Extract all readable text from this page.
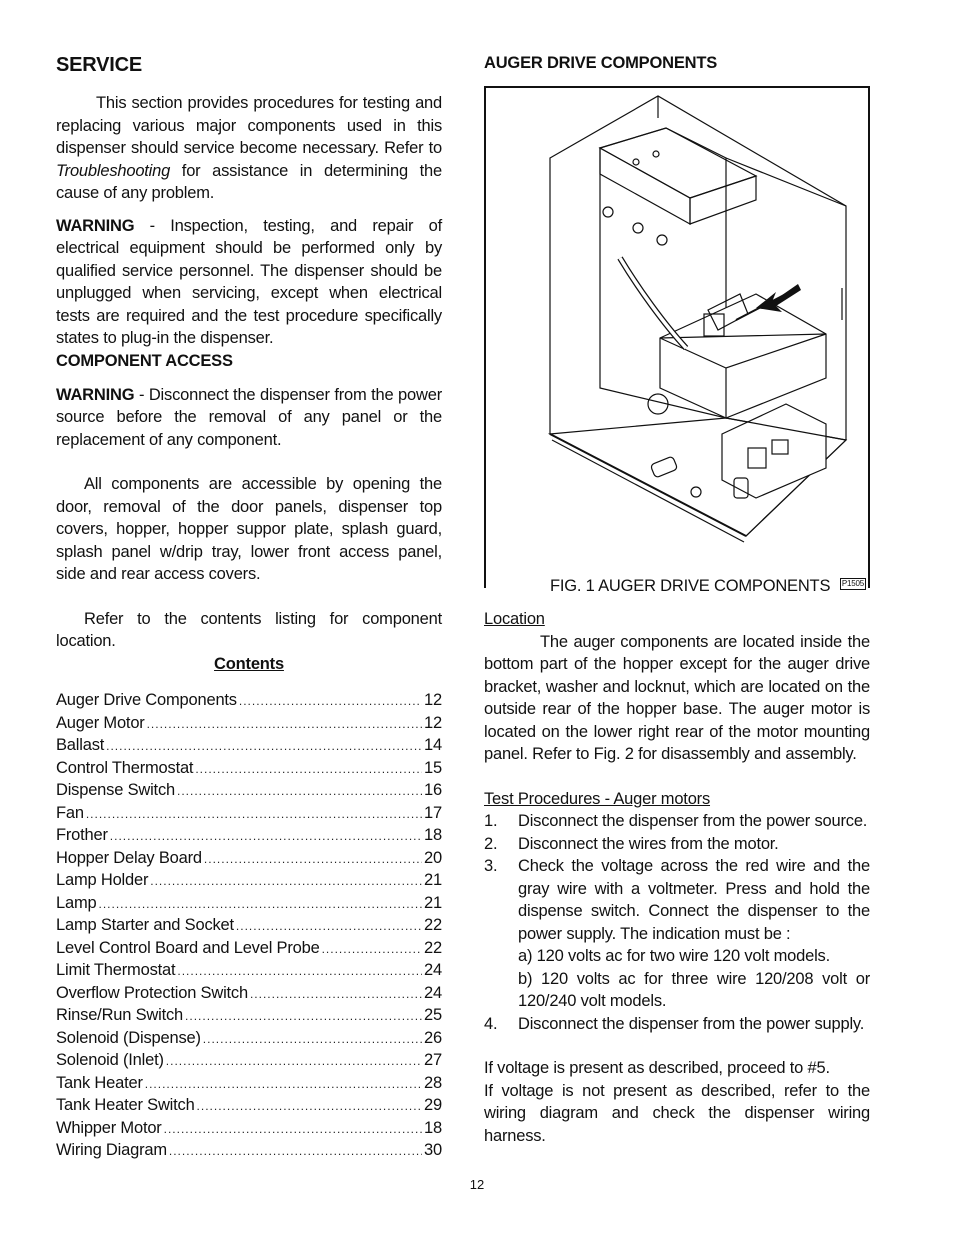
SERVICE

This section provides procedures for testing and replacing various major components used in this dispenser should service become necessary. Refer to Troubleshooting for assistance in determining the cause of any problem.

WARNING - Inspection, testing, and repair of electrical equipment should be performed only by qualified service personnel. The dispenser should be unplugged when servicing, except when electrical tests are required and the test procedure specifically states to plug-in the dispenser.

COMPONENT ACCESS

WARNING - Disconnect the dispenser from the power source before the removal of any panel or the replacement of any component.

All components are accessible by opening the door, removal of the door panels, dispenser top covers, hopper, hopper suppor plate, splash guard, splash panel w/drip tray, lower front access panel, side and rear access covers.

Refer to the contents listing for component location.

Contents
Auger Drive Components .....	12
Auger Motor .....	12
Ballast .....	14
Control Thermostat .....	15
Dispense Switch .....	16
Fan .....	17
Frother .....	18
Hopper Delay Board .....	20
Lamp Holder .....	21
Lamp .....	21
Lamp Starter and Socket .....	22
Level Control Board and Level Probe .....	22
Limit Thermostat .....	24
Overflow Protection Switch .....	24
Rinse/Run Switch .....	25
Solenoid (Dispense) .....	26
Solenoid (Inlet) .....	27
Tank Heater .....	28
Tank Heater Switch .....	29
Whipper Motor .....	18
Wiring Diagram .....	30
AUGER DRIVE COMPONENTS
FIG. 1 AUGER DRIVE COMPONENTS	P1505
Location

The auger components are located inside the bottom part of the hopper except for the auger drive bracket, washer and locknut, which are located on the outside rear of the hopper base. The auger motor is located on the lower right rear of the motor mounting panel. Refer to Fig. 2 for disassembly and assembly.

Test Procedures - Auger motors
1.	Disconnect the dispenser from the power source.
2.	Disconnect the wires from the motor.
3.	Check the voltage across the red wire and the gray wire with a voltmeter. Press and hold the dispense switch. Connect the dispenser to the power supply. The indication must be :
a) 120 volts ac for two wire 120 volt models.
b) 120 volts ac for three wire 120/208 volt or 120/240 volt models.
4.	Disconnect the dispenser from the power supply.

If voltage is present as described, proceed to #5.

If voltage is not present as described, refer to the wiring diagram and check the dispenser wiring harness.

12
